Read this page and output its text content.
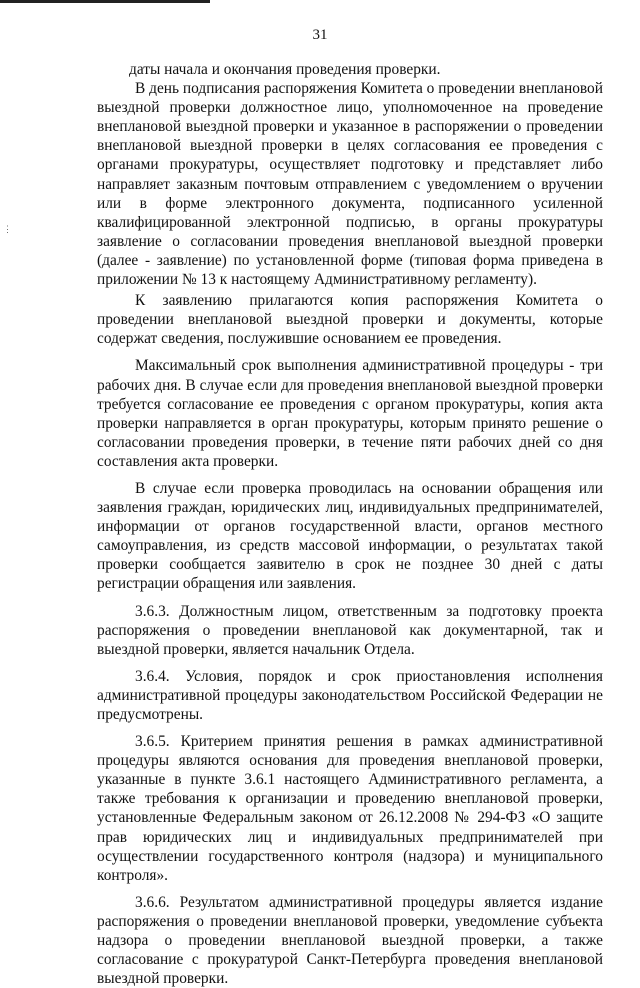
⋮
31

даты начала и окончания проведения проверки.

В день подписания распоряжения Комитета о проведении внеплановой выездной проверки должностное лицо, уполномоченное на проведение внеплановой выездной проверки и указанное в распоряжении о проведении внеплановой выездной проверки в целях согласования ее проведения с органами прокуратуры, осуществляет подготовку и представляет либо направляет заказным почтовым отправлением с уведомлением о вручении или в форме электронного документа, подписанного усиленной квалифицированной электронной подписью, в органы прокуратуры заявление о согласовании проведения внеплановой выездной проверки (далее - заявление) по установленной форме (типовая форма приведена в приложении № 13 к настоящему Административному регламенту).

К заявлению прилагаются копия распоряжения Комитета о проведении внеплановой выездной проверки и документы, которые содержат сведения, послужившие основанием ее проведения.

Максимальный срок выполнения административной процедуры - три рабочих дня. В случае если для проведения внеплановой выездной проверки требуется согласование ее проведения с органом прокуратуры, копия акта проверки направляется в орган прокуратуры, которым принято решение о согласовании проведения проверки, в течение пяти рабочих дней со дня составления акта проверки.

В случае если проверка проводилась на основании обращения или заявления граждан, юридических лиц, индивидуальных предпринимателей, информации от органов государственной власти, органов местного самоуправления, из средств массовой информации, о результатах такой проверки сообщается заявителю в срок не позднее 30 дней с даты регистрации обращения или заявления.

3.6.3. Должностным лицом, ответственным за подготовку проекта распоряжения о проведении внеплановой как документарной, так и выездной проверки, является начальник Отдела.

3.6.4. Условия, порядок и срок приостановления исполнения административной процедуры законодательством Российской Федерации не предусмотрены.

3.6.5. Критерием принятия решения в рамках административной процедуры являются основания для проведения внеплановой проверки, указанные в пункте 3.6.1 настоящего Административного регламента, а также требования к организации и проведению внеплановой проверки, установленные Федеральным законом от 26.12.2008 № 294-ФЗ «О защите прав юридических лиц и индивидуальных предпринимателей при осуществлении государственного контроля (надзора) и муниципального контроля».

3.6.6. Результатом административной процедуры является издание распоряжения о проведении внеплановой проверки, уведомление субъекта надзора о проведении внеплановой выездной проверки, а также согласование с прокуратурой Санкт-Петербурга проведения внеплановой выездной проверки.
